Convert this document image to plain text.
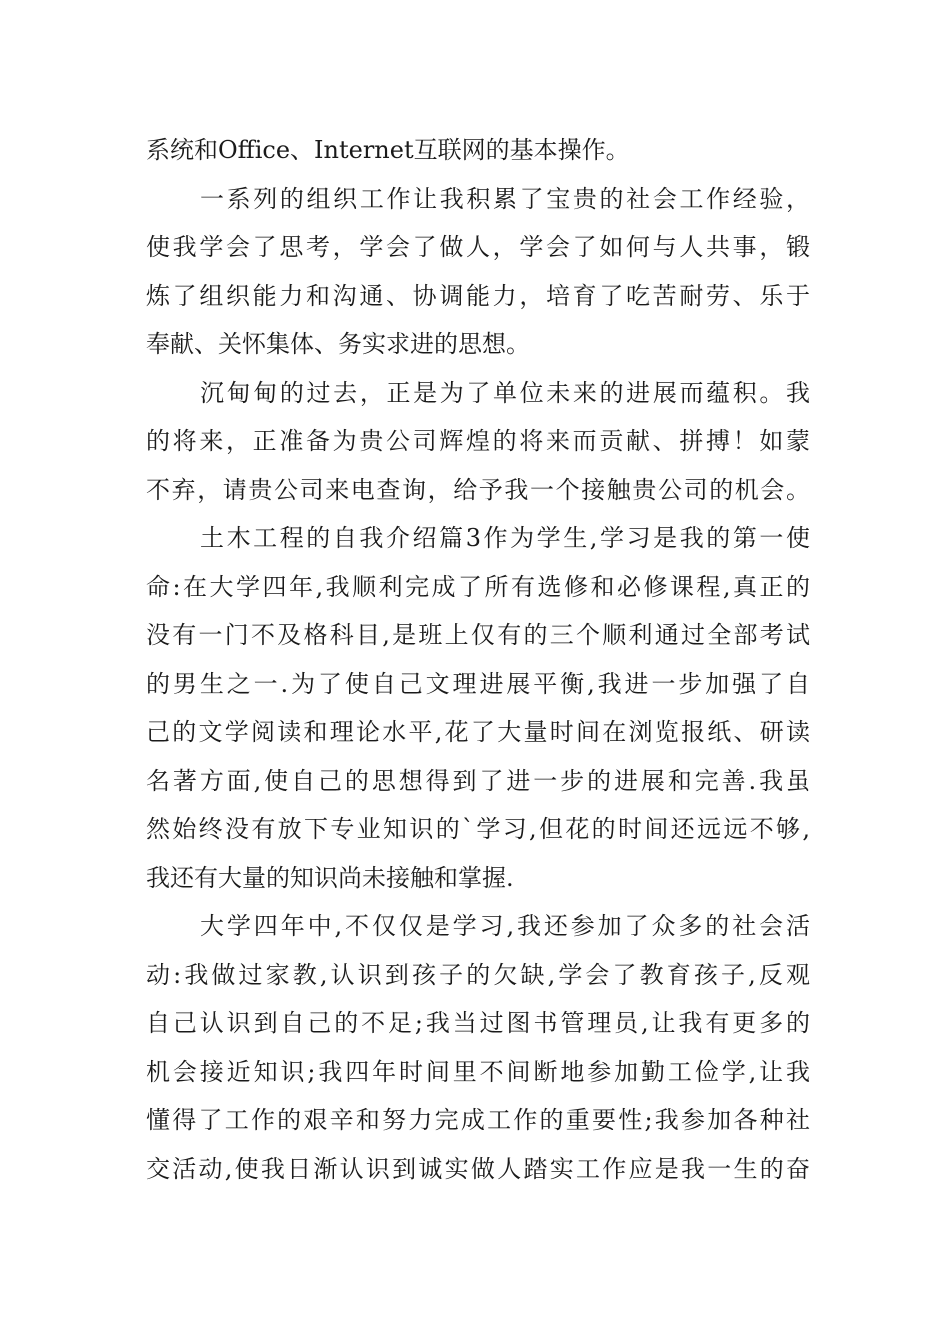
系统和Office、Internet互联网的基本操作。
一系列的组织工作让我积累了宝贵的社会工作经验，
使我学会了思考，学会了做人，学会了如何与人共事，锻
炼了组织能力和沟通、协调能力，培育了吃苦耐劳、乐于
奉献、关怀集体、务实求进的思想。
沉甸甸的过去，正是为了单位未来的进展而蕴积。我
的将来，正准备为贵公司辉煌的将来而贡献、拼搏！如蒙
不弃，请贵公司来电查询，给予我一个接触贵公司的机会。
土木工程的自我介绍篇3作为学生,学习是我的第一使
命:在大学四年,我顺利完成了所有选修和必修课程,真正的
没有一门不及格科目,是班上仅有的三个顺利通过全部考试
的男生之一.为了使自己文理进展平衡,我进一步加强了自
己的文学阅读和理论水平,花了大量时间在浏览报纸、研读
名著方面,使自己的思想得到了进一步的进展和完善.我虽
然始终没有放下专业知识的`学习,但花的时间还远远不够,
我还有大量的知识尚未接触和掌握.
大学四年中,不仅仅是学习,我还参加了众多的社会活
动:我做过家教,认识到孩子的欠缺,学会了教育孩子,反观
自己认识到自己的不足;我当过图书管理员,让我有更多的
机会接近知识;我四年时间里不间断地参加勤工俭学,让我
懂得了工作的艰辛和努力完成工作的重要性;我参加各种社
交活动,使我日渐认识到诚实做人踏实工作应是我一生的奋
